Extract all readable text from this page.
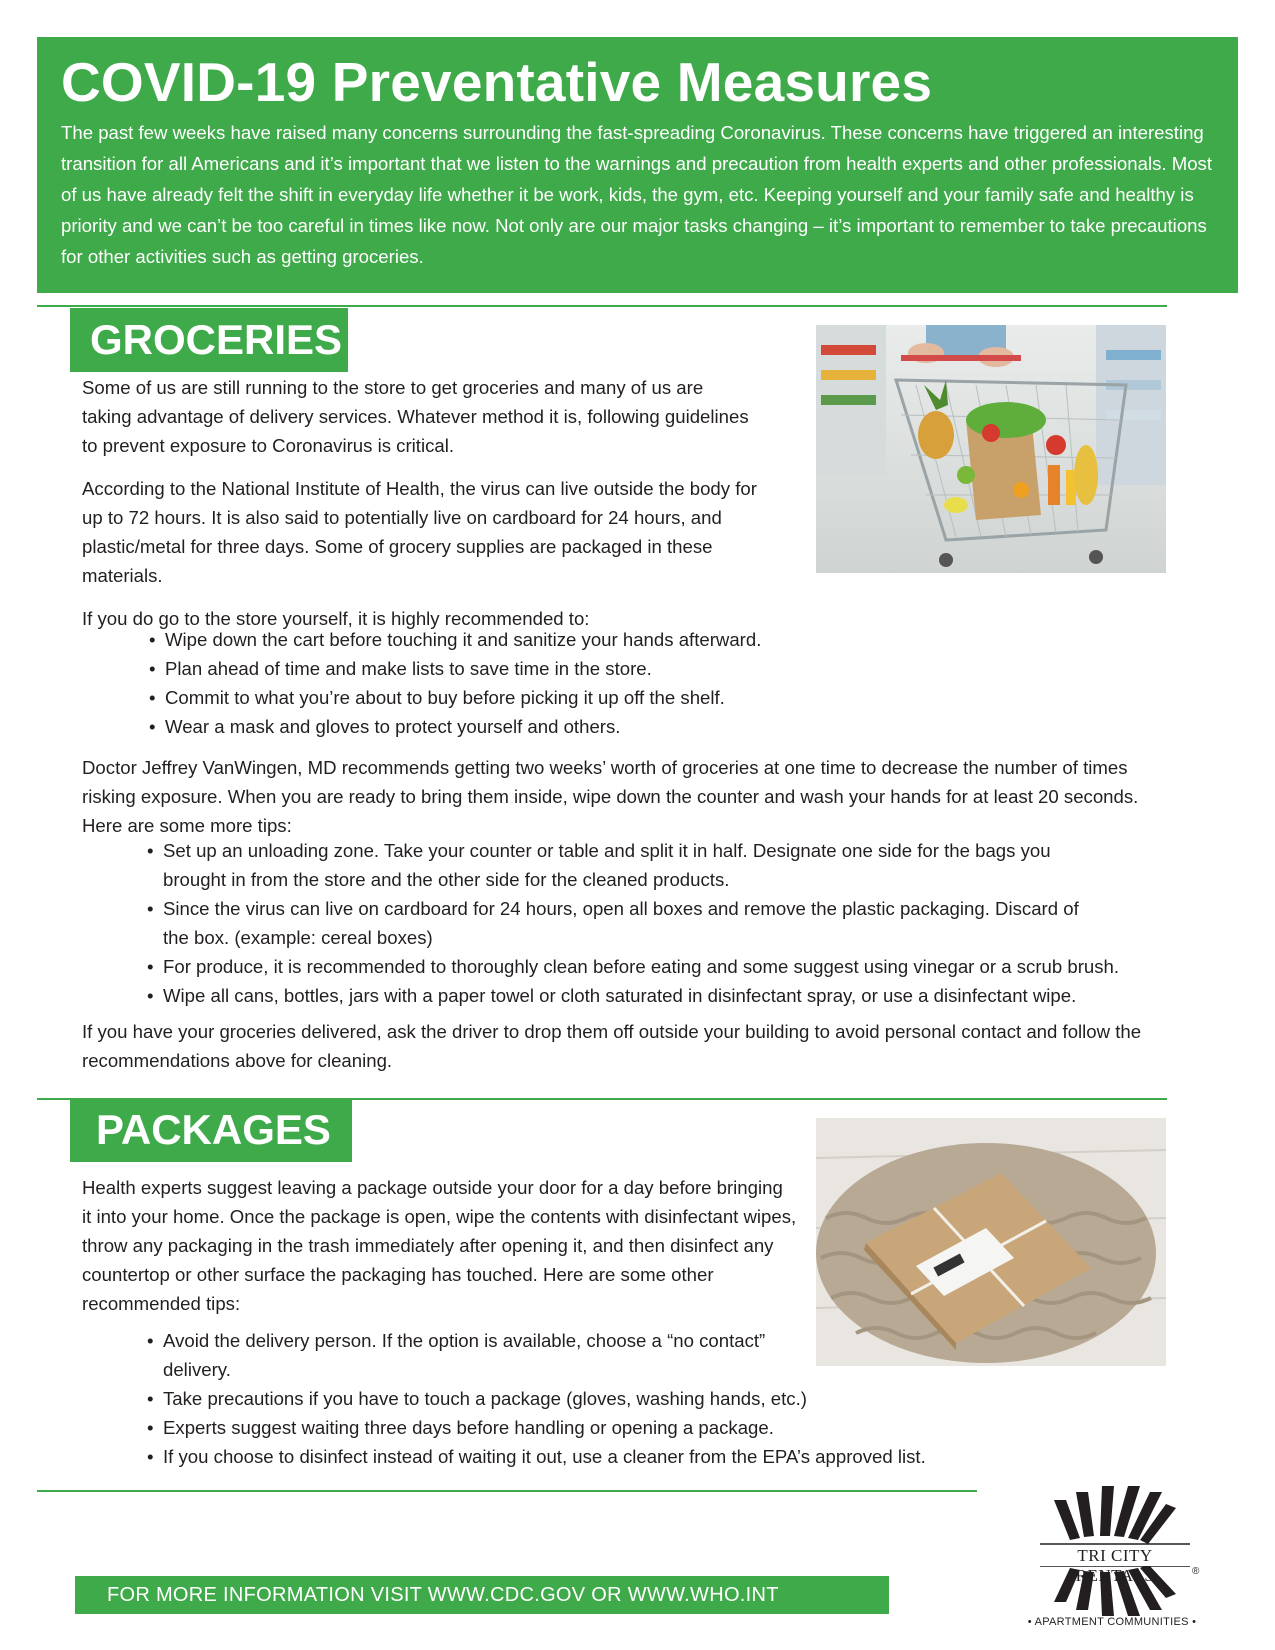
COVID-19 Preventative Measures

The past few weeks have raised many concerns surrounding the fast-spreading Coronavirus. These concerns have triggered an interesting transition for all Americans and it’s important that we listen to the warnings and precaution from health experts and other professionals. Most of us have already felt the shift in everyday life whether it be work, kids, the gym, etc. Keeping yourself and your family safe and healthy is priority and we can’t be too careful in times like now. Not only are our major tasks changing – it’s important to remember to take precautions for other activities such as getting groceries.

GROCERIES

Some of us are still running to the store to get groceries and many of us are taking advantage of delivery services. Whatever method it is, following guidelines to prevent exposure to Coronavirus is critical.

According to the National Institute of Health, the virus can live outside the body for up to 72 hours. It is also said to potentially live on cardboard for 24 hours, and plastic/metal for three days. Some of grocery supplies are packaged in these materials.

If you do go to the store yourself, it is highly recommended to:

• Wipe down the cart before touching it and sanitize your hands afterward.
• Plan ahead of time and make lists to save time in the store.
• Commit to what you’re about to buy before picking it up off the shelf.
• Wear a mask and gloves to protect yourself and others.

Doctor Jeffrey VanWingen, MD recommends getting two weeks’ worth of groceries at one time to decrease the number of times risking exposure. When you are ready to bring them inside, wipe down the counter and wash your hands for at least 20 seconds. Here are some more tips:

• Set up an unloading zone. Take your counter or table and split it in half. Designate one side for the bags you brought in from the store and the other side for the cleaned products.
• Since the virus can live on cardboard for 24 hours, open all boxes and remove the plastic packaging. Discard of the box. (example: cereal boxes)
• For produce, it is recommended to thoroughly clean before eating and some suggest using vinegar or a scrub brush.
• Wipe all cans, bottles, jars with a paper towel or cloth saturated in disinfectant spray, or use a disinfectant wipe.

If you have your groceries delivered, ask the driver to drop them off outside your building to avoid personal contact and follow the recommendations above for cleaning.

PACKAGES

Health experts suggest leaving a package outside your door for a day before bringing it into your home. Once the package is open, wipe the contents with disinfectant wipes, throw any packaging in the trash immediately after opening it, and then disinfect any countertop or other surface the packaging has touched. Here are some other recommended tips:

• Avoid the delivery person. If the option is available, choose a “no contact” delivery.
• Take precautions if you have to touch a package (gloves, washing hands, etc.)
• Experts suggest waiting three days before handling or opening a package.
• If you choose to disinfect instead of waiting it out, use a cleaner from the EPA’s approved list.
FOR MORE INFORMATION VISIT WWW.CDC.GOV OR WWW.WHO.INT
TRI CITY RENTALS	®
• APARTMENT COMMUNITIES •
